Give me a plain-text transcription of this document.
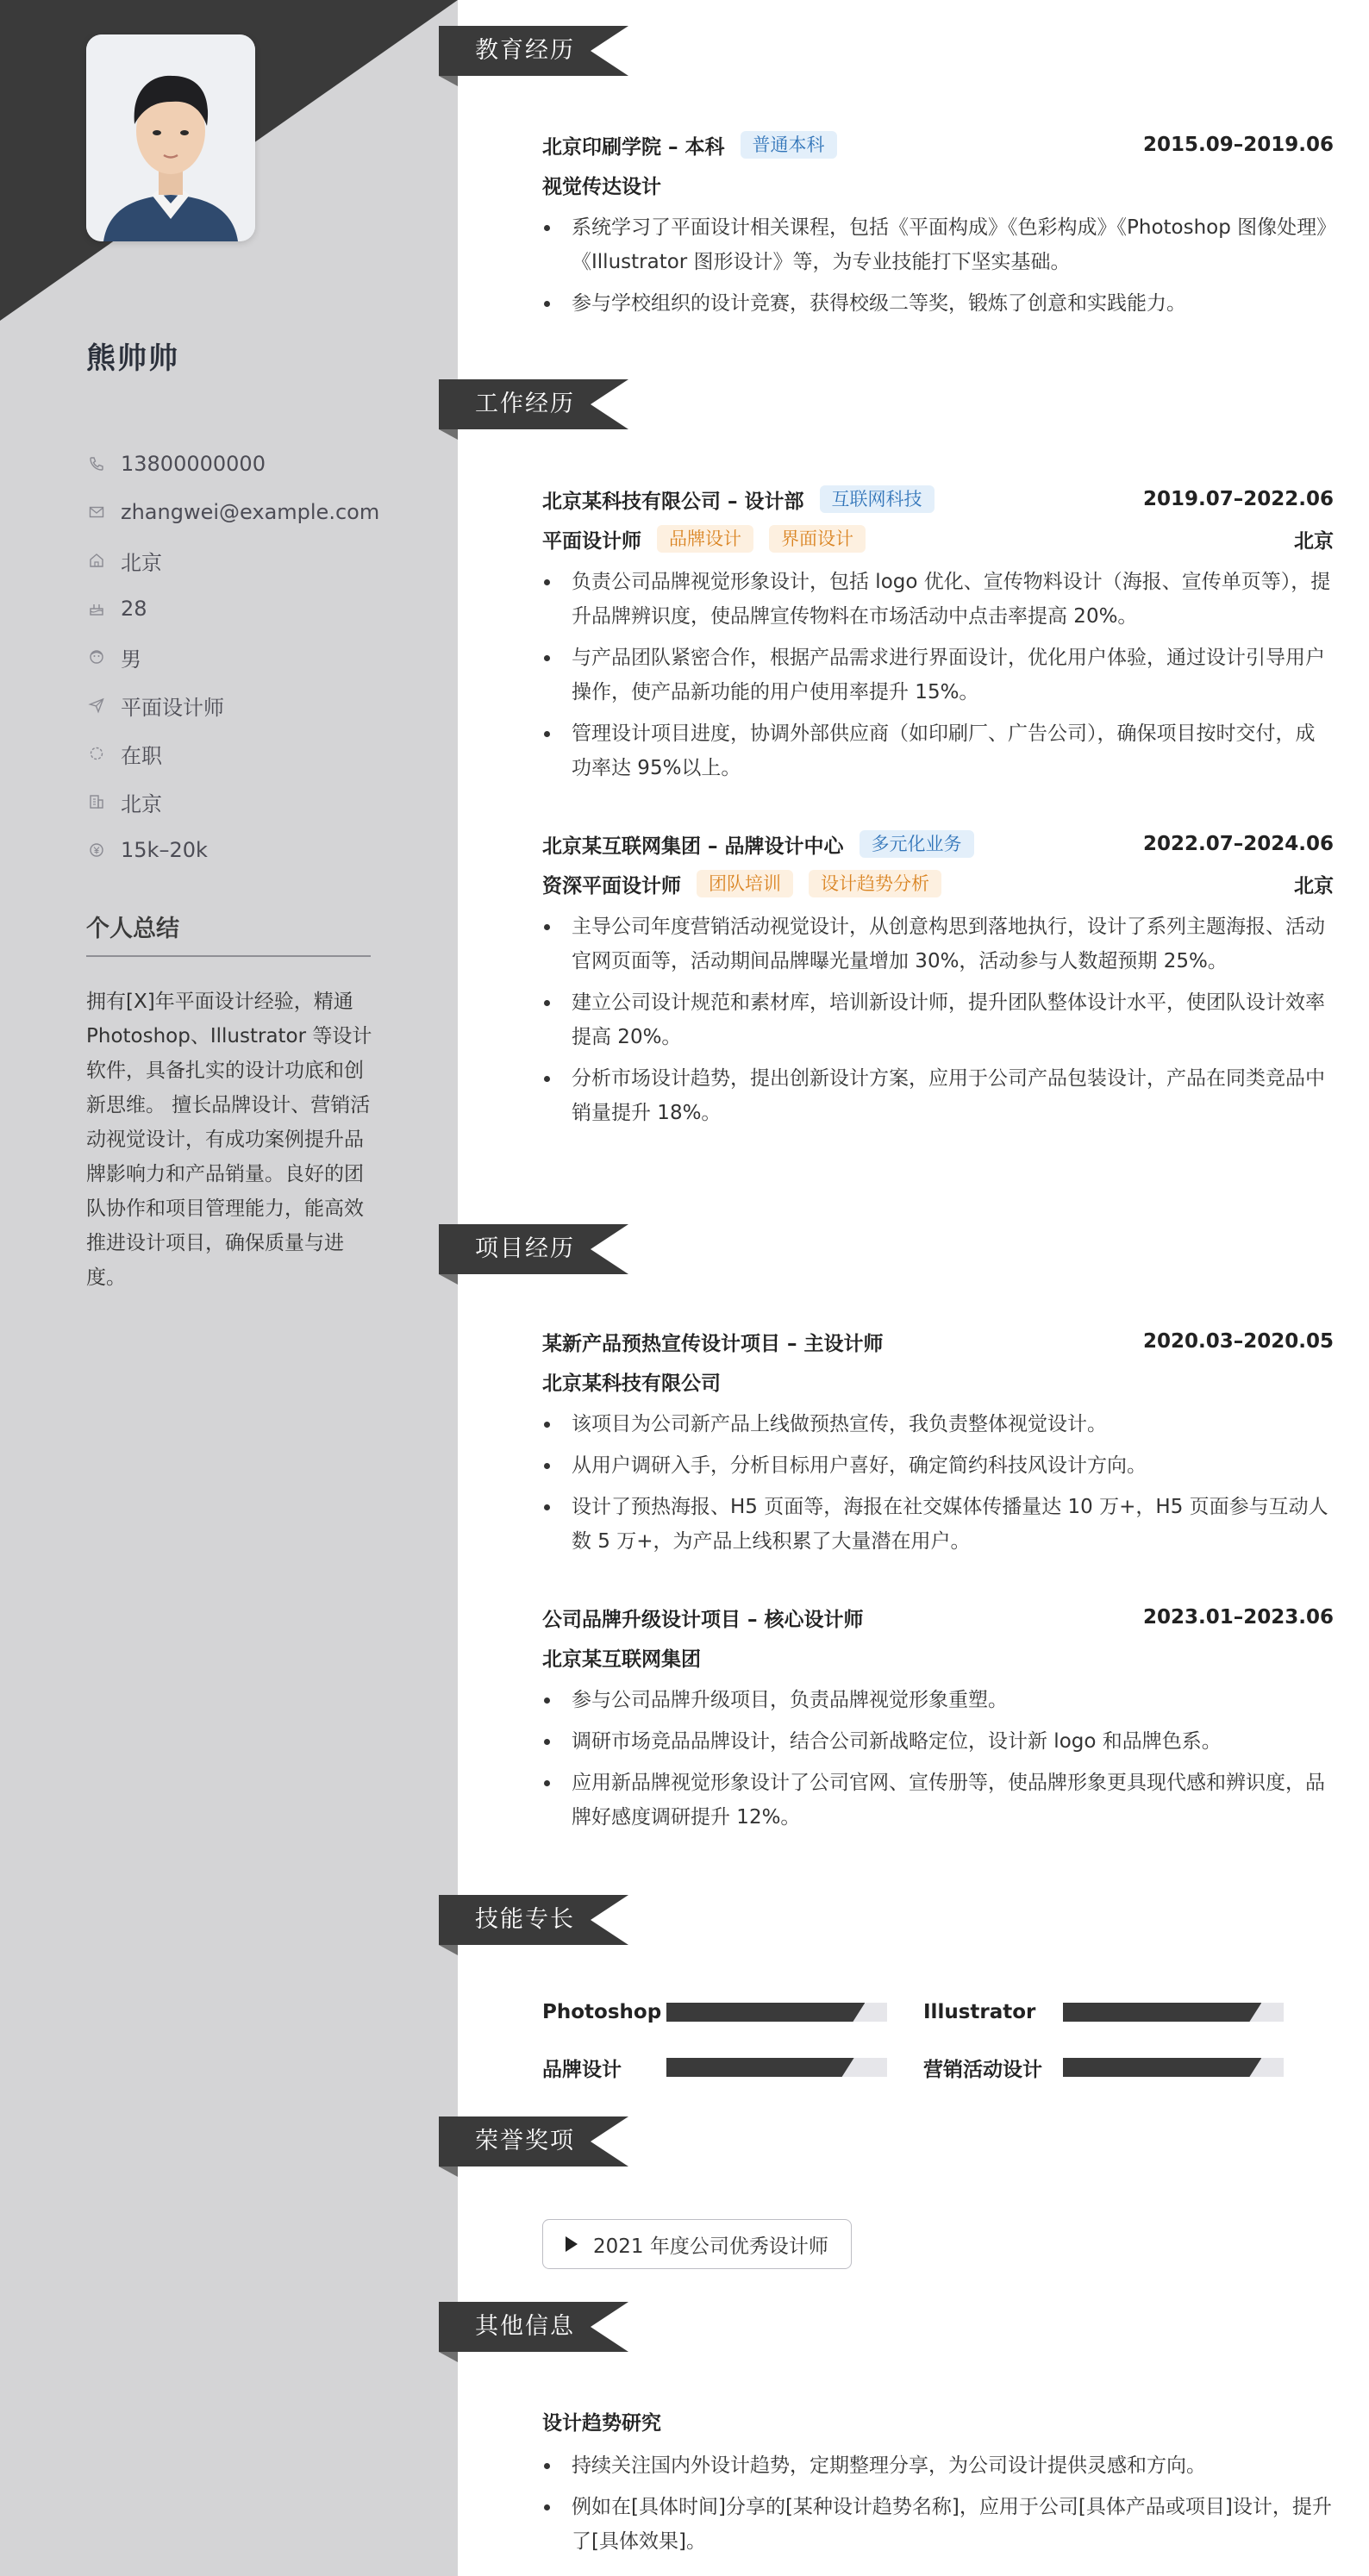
熊帅帅
13800000000
zhangwei@example.com
北京
28
男
平面设计师
在职
北京
15k–20k
个人总结
拥有[X]年平面设计经验，精通 Photoshop、Illustrator 等设计软件，具备扎实的设计功底和创新思维。 擅长品牌设计、营销活动视觉设计，有成功案例提升品牌影响力和产品销量。良好的团队协作和项目管理能力，能高效推进设计项目，确保质量与进度。
教育经历
北京印刷学院 – 本科	普通本科	2015.09–2019.06
视觉传达设计
系统学习了平面设计相关课程，包括《平面构成》《色彩构成》《Photoshop 图像处理》《Illustrator 图形设计》等，为专业技能打下坚实基础。
参与学校组织的设计竞赛，获得校级二等奖，锻炼了创意和实践能力。
工作经历
北京某科技有限公司 – 设计部	互联网科技	2019.07–2022.06
平面设计师	品牌设计	界面设计	北京
负责公司品牌视觉形象设计，包括 logo 优化、宣传物料设计（海报、宣传单页等），提升品牌辨识度，使品牌宣传物料在市场活动中点击率提高 20%。
与产品团队紧密合作，根据产品需求进行界面设计，优化用户体验，通过设计引导用户操作，使产品新功能的用户使用率提升 15%。
管理设计项目进度，协调外部供应商（如印刷厂、广告公司），确保项目按时交付，成功率达 95%以上。
北京某互联网集团 – 品牌设计中心	多元化业务	2022.07–2024.06
资深平面设计师	团队培训	设计趋势分析	北京
主导公司年度营销活动视觉设计，从创意构思到落地执行，设计了系列主题海报、活动官网页面等，活动期间品牌曝光量增加 30%，活动参与人数超预期 25%。
建立公司设计规范和素材库，培训新设计师，提升团队整体设计水平，使团队设计效率提高 20%。
分析市场设计趋势，提出创新设计方案，应用于公司产品包装设计，产品在同类竞品中销量提升 18%。
项目经历
某新产品预热宣传设计项目 – 主设计师	2020.03–2020.05
北京某科技有限公司
该项目为公司新产品上线做预热宣传，我负责整体视觉设计。
从用户调研入手，分析目标用户喜好，确定简约科技风设计方向。
设计了预热海报、H5 页面等，海报在社交媒体传播量达 10 万+，H5 页面参与互动人数 5 万+，为产品上线积累了大量潜在用户。
公司品牌升级设计项目 – 核心设计师	2023.01–2023.06
北京某互联网集团
参与公司品牌升级项目，负责品牌视觉形象重塑。
调研市场竞品品牌设计，结合公司新战略定位，设计新 logo 和品牌色系。
应用新品牌视觉形象设计了公司官网、宣传册等，使品牌形象更具现代感和辨识度，品牌好感度调研提升 12%。
技能专长
Photoshop	Illustrator
品牌设计	营销活动设计
荣誉奖项
2021 年度公司优秀设计师
其他信息
设计趋势研究
持续关注国内外设计趋势，定期整理分享，为公司设计提供灵感和方向。
例如在[具体时间]分享的[某种设计趋势名称]，应用于公司[具体产品或项目]设计，提升了[具体效果]。
